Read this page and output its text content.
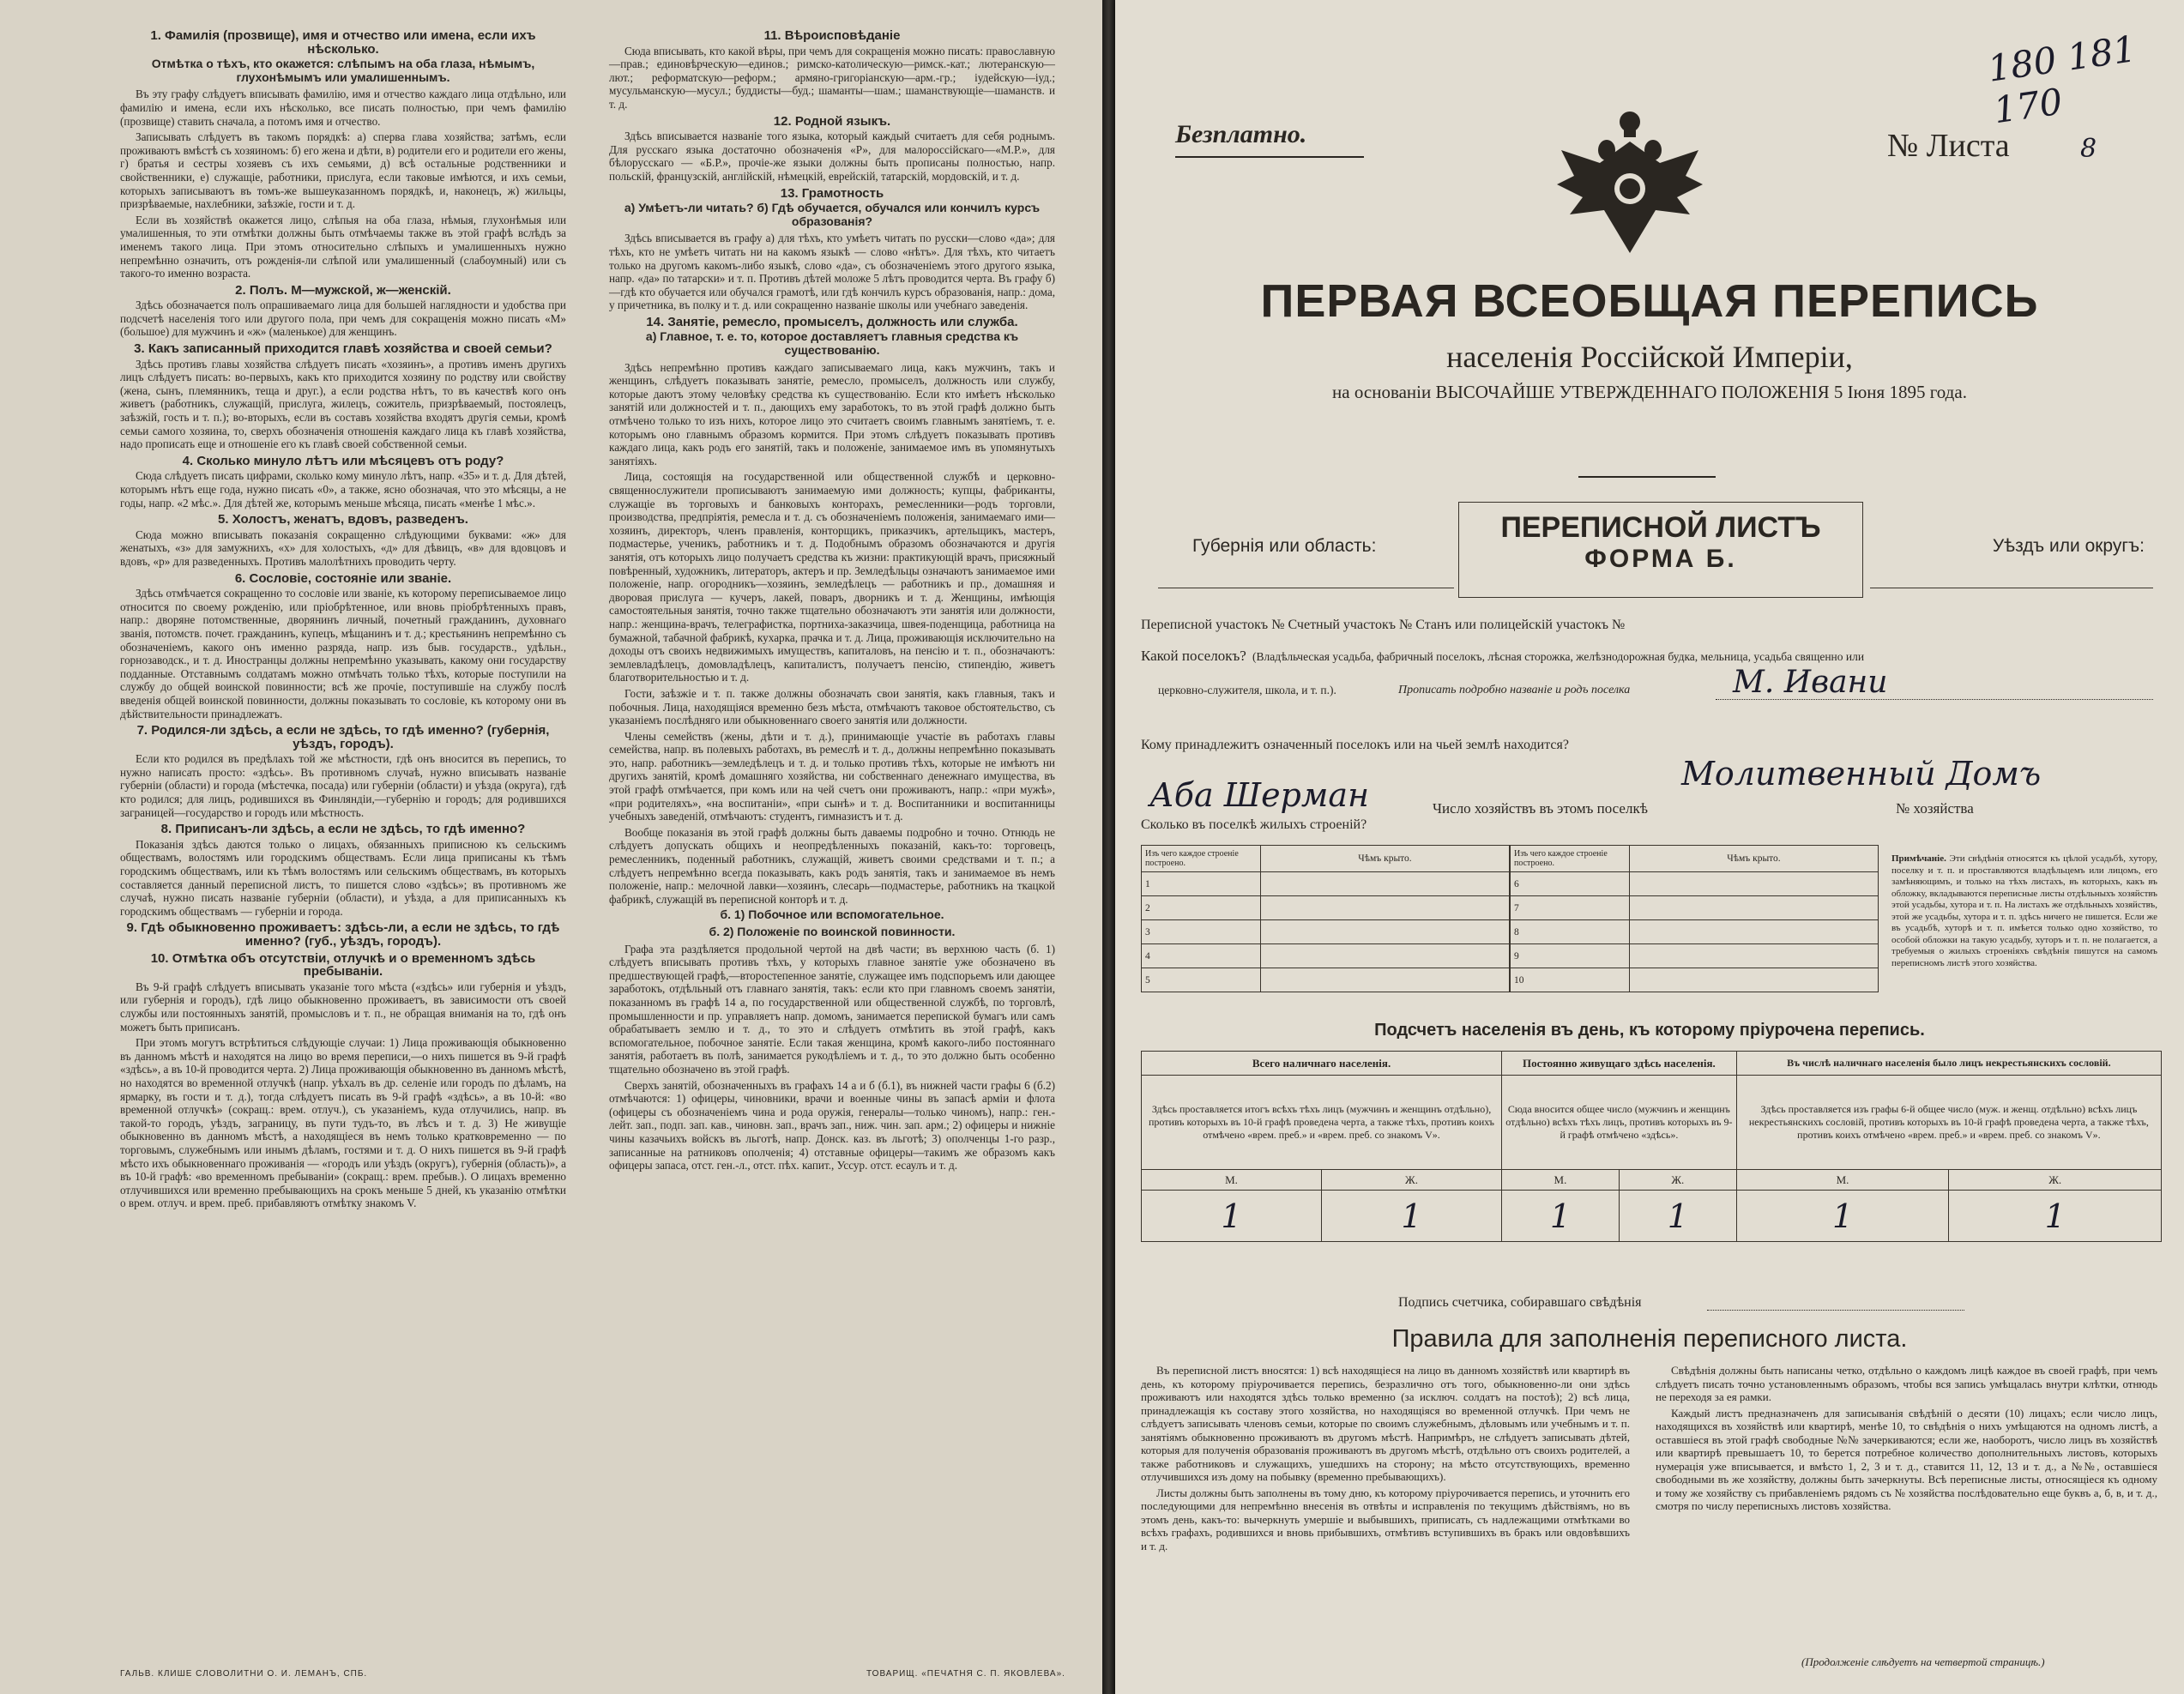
1. Фамилія (прозвище), имя и отчество или имена, если ихъ нѣсколько.
Отмѣтка о тѣхъ, кто окажется: слѣпымъ на оба глаза, нѣмымъ, глухонѣмымъ или умалишеннымъ.

Въ эту графу слѣдуетъ вписывать фамилію, имя и отчество каждаго лица отдѣльно, или фамилію и имена, если ихъ нѣсколько, все писать полностью, при чемъ фамилію (прозвище) ставить сначала, а потомъ имя и отчество.

Записывать слѣдуетъ въ такомъ порядкѣ: а) сперва глава хозяйства; затѣмъ, если проживаютъ вмѣстѣ съ хозяиномъ: б) его жена и дѣти, в) родители его и родители его жены, г) братья и сестры хозяевъ съ ихъ семьями, д) всѣ остальные родственники и свойственники, е) служащіе, работники, прислуга, если таковые имѣются, и ихъ семьи, которыхъ записываютъ въ томъ-же вышеуказанномъ порядкѣ, и, наконецъ, ж) жильцы, призрѣваемые, нахлебники, заѣзжіе, гости и т. д.

Если въ хозяйствѣ окажется лицо, слѣпыя на оба глаза, нѣмыя, глухонѣмыя или умалишенныя, то эти отмѣтки должны быть отмѣчаемы также въ этой графѣ вслѣдъ за именемъ такого лица. При этомъ относительно слѣпыхъ и умалишенныхъ нужно непремѣнно означить, отъ рожденія-ли слѣпой или умалишенный (слабоумный) или съ такого-то именно возраста.

2. Полъ. М—мужской, ж—женскій.

Здѣсь обозначается полъ опрашиваемаго лица для большей наглядности и удобства при подсчетѣ населенія того или другого пола, при чемъ для сокращенія можно писать «М» (большое) для мужчинъ и «ж» (маленькое) для женщинъ.

3. Какъ записанный приходится главѣ хозяйства и своей семьи?

Здѣсь противъ главы хозяйства слѣдуетъ писать «хозяинъ», а противъ именъ другихъ лицъ слѣдуетъ писать: во-первыхъ, какъ кто приходится хозяину по родству или свойству (жена, сынъ, племянникъ, теща и друг.), а если родства нѣтъ, то въ качествѣ кого онъ живетъ (работникъ, служащій, прислуга, жилецъ, сожитель, призрѣваемый, постоялецъ, заѣзжій, гость и т. п.); во-вторыхъ, если въ составъ хозяйства входятъ другія семьи, кромѣ семьи самого хозяина, то, сверхъ обозначенія отношенія каждаго лица къ главѣ хозяйства, надо прописать еще и отношеніе его къ главѣ своей собственной семьи.

4. Сколько минуло лѣтъ или мѣсяцевъ отъ роду?

Сюда слѣдуетъ писать цифрами, сколько кому минуло лѣтъ, напр. «35» и т. д. Для дѣтей, которымъ нѣтъ еще года, нужно писать «0», а также, ясно обозначая, что это мѣсяцы, а не годы, напр. «2 мѣс.». Для дѣтей же, которымъ меньше мѣсяца, писать «менѣе 1 мѣс.».

5. Холостъ, женатъ, вдовъ, разведенъ.

Сюда можно вписывать показанія сокращенно слѣдующими буквами: «ж» для женатыхъ, «з» для замужнихъ, «х» для холостыхъ, «д» для дѣвицъ, «в» для вдовцовъ и вдовъ, «р» для разведенныхъ. Противъ малолѣтнихъ проводить черту.

6. Сословіе, состояніе или званіе.

Здѣсь отмѣчается сокращенно то сословіе или званіе, къ которому переписываемое лицо относится по своему рожденію, или пріобрѣтенное, или вновь пріобрѣтенныхъ правъ, напр.: дворяне потомственные, дворянинъ личный, почетный гражданинъ, духовнаго званія, потомств. почет. гражданинъ, купецъ, мѣщанинъ и т. д.; крестьянинъ непремѣнно съ обозначеніемъ, какого онъ именно разряда, напр. изъ быв. государств., удѣльн., горнозаводск., и т. д. Иностранцы должны непремѣнно указывать, какому они государству подданные. Отставнымъ солдатамъ можно отмѣчать только тѣхъ, которые поступили на службу до общей воинской повинности; всѣ же прочіе, поступившіе на службу послѣ введенія общей воинской повинности, должны показывать то сословіе, къ которому они въ дѣйствительности принадлежатъ.

7. Родился-ли здѣсь, а если не здѣсь, то гдѣ именно? (губернія, уѣздъ, городъ).

Если кто родился въ предѣлахъ той же мѣстности, гдѣ онъ вносится въ перепись, то нужно написать просто: «здѣсь». Въ противномъ случаѣ, нужно вписывать названіе губерніи (области) и города (мѣстечка, посада) или губерніи (области) и уѣзда (округа), гдѣ кто родился; для лицъ, родившихся въ Финляндіи,—губернію и городъ; для родившихся заграницей—государство и городъ или мѣстность.

8. Приписанъ-ли здѣсь, а если не здѣсь, то гдѣ именно?

Показанія здѣсь даются только о лицахъ, обязанныхъ приписною къ сельскимъ обществамъ, волостямъ или городскимъ обществамъ. Если лица приписаны къ тѣмъ городскимъ обществамъ, или къ тѣмъ волостямъ или сельскимъ обществамъ, въ которыхъ составляется данный переписной листъ, то пишется слово «здѣсь»; въ противномъ же случаѣ, нужно писать названіе губерніи (области), и уѣзда, а для приписанныхъ къ городскимъ обществамъ — губерніи и города.

9. Гдѣ обыкновенно проживаетъ: здѣсь-ли, а если не здѣсь, то гдѣ именно? (губ., уѣздъ, городъ).
10. Отмѣтка объ отсутствіи, отлучкѣ и о временномъ здѣсь пребываніи.

Въ 9-й графѣ слѣдуетъ вписывать указаніе того мѣста («здѣсь» или губернія и уѣздъ, или губернія и городъ), гдѣ лицо обыкновенно проживаетъ, въ зависимости отъ своей службы или постоянныхъ занятій, промысловъ и т. п., не обращая вниманія на то, гдѣ онъ можетъ быть приписанъ.

При этомъ могутъ встрѣтиться слѣдующіе случаи: 1) Лица проживающія обыкновенно въ данномъ мѣстѣ и находятся на лицо во время переписи,—о нихъ пишется въ 9-й графѣ «здѣсь», а въ 10-й проводится черта. 2) Лица проживающія обыкновенно въ данномъ мѣстѣ, но находятся во временной отлучкѣ (напр. уѣхалъ въ др. селеніе или городъ по дѣламъ, на ярмарку, въ гости и т. д.), тогда слѣдуетъ писать въ 9-й графѣ «здѣсь», а въ 10-й: «во временной отлучкѣ» (сокращ.: врем. отлуч.), съ указаніемъ, куда отлучились, напр. въ такой-то городъ, уѣздъ, заграницу, въ пути тудъ-то, въ лѣсъ и т. д. 3) Не живущіе обыкновенно въ данномъ мѣстѣ, а находящіеся въ немъ только кратковременно — по торговымъ, служебнымъ или инымъ дѣламъ, гостями и т. д. О нихъ пишется въ 9-й графѣ мѣсто ихъ обыкновеннаго проживанія — «городъ или уѣздъ (округъ), губернія (область)», а въ 10-й графѣ: «во временномъ пребываніи» (сокращ.: врем. пребыв.). О лицахъ временно отлучившихся или временно пребывающихъ на срокъ меньше 5 дней, къ указанію отмѣтки о врем. отлуч. и врем. преб. прибавляютъ отмѣтку знакомъ V.

11. Вѣроисповѣданіе

Сюда вписывать, кто какой вѣры, при чемъ для сокращенія можно писать: православную—прав.; единовѣрческую—единов.; римско-католическую—римск.-кат.; лютеранскую—лют.; реформатскую—реформ.; армяно-григоріанскую—арм.-гр.; іудейскую—іуд.; мусульманскую—мусул.; буддисты—буд.; шаманты—шам.; шаманствующіе—шаманств. и т. д.

12. Родной языкъ.

Здѣсь вписывается названіе того языка, который каждый считаетъ для себя роднымъ. Для русскаго языка достаточно обозначенія «Р», для малороссійскаго—«М.Р.», для бѣлорусскаго — «Б.Р.», прочіе-же языки должны быть прописаны полностью, напр. польскій, французскій, англійскій, нѣмецкій, еврейскій, татарскій, мордовскій, и т. д.

13. Грамотность
а) Умѣетъ-ли читать? б) Гдѣ обучается, обучался или кончилъ курсъ образованія?

Здѣсь вписывается въ графу а) для тѣхъ, кто умѣетъ читать по русски—слово «да»; для тѣхъ, кто не умѣетъ читать ни на какомъ языкѣ — слово «нѣтъ». Для тѣхъ, кто читаетъ только на другомъ какомъ-либо языкѣ, слово «да», съ обозначеніемъ этого другого языка, напр. «да» по татарски» и т. п. Противъ дѣтей моложе 5 лѣтъ проводится черта. Въ графу б)—гдѣ кто обучается или обучался грамотѣ, или гдѣ кончилъ курсъ образованія, напр.: дома, у причетника, въ полку и т. д. или сокращенно названіе школы или учебнаго заведенія.

14. Занятіе, ремесло, промыселъ, должность или служба.
а) Главное, т. е. то, которое доставляетъ главныя средства къ существованію.

Здѣсь непремѣнно противъ каждаго записываемаго лица, какъ мужчинъ, такъ и женщинъ, слѣдуетъ показывать занятіе, ремесло, промыселъ, должность или службу, которые даютъ этому человѣку средства къ существованію. Если кто имѣетъ нѣсколько занятій или должностей и т. п., дающихъ ему заработокъ, то въ этой графѣ должно быть отмѣчено только то изъ нихъ, которое лицо это считаетъ своимъ главнымъ занятіемъ, т. е. которымъ оно главнымъ образомъ кормится. При этомъ слѣдуетъ показывать противъ каждаго лица, какъ родъ его занятій, такъ и положеніе, занимаемое имъ въ упомянутыхъ занятіяхъ.

Лица, состоящія на государственной или общественной службѣ и церковно-священнослужители прописываютъ занимаемую ими должность; купцы, фабриканты, служащіе въ торговыхъ и банковыхъ конторахъ, ремесленники—родъ торговли, производства, предпріятія, ремесла и т. д. съ обозначеніемъ положенія, занимаемаго ими—хозяинъ, директоръ, членъ правленія, конторщикъ, приказчикъ, артельщикъ, мастеръ, подмастерье, ученикъ, работникъ и т. д. Подобнымъ образомъ обозначаются и другія занятія, отъ которыхъ лицо получаетъ средства къ жизни: практикующій врачъ, присяжный повѣренный, художникъ, литераторъ, актеръ и пр. Земледѣльцы означаютъ занимаемое ими положеніе, напр. огородникъ—хозяинъ, земледѣлецъ — работникъ и пр., домашняя и дворовая прислуга — кучеръ, лакей, поваръ, дворникъ и т. д. Женщины, имѣющія самостоятельныя занятія, точно также тщательно обозначаютъ эти занятія или должности, напр.: женщина-врачъ, телеграфистка, портниха-заказчица, швея-поденщица, работница на бумажной, табачной фабрикѣ, кухарка, прачка и т. д. Лица, проживающія исключительно на доходы отъ своихъ недвижимыхъ имуществъ, капиталовъ, на пенсію и т. п., обозначаютъ: землевладѣлецъ, домовладѣлецъ, капиталистъ, получаетъ пенсію, стипендію, живетъ благотворительностью и т. д.

Гости, заѣзжіе и т. п. также должны обозначать свои занятія, какъ главныя, такъ и побочныя. Лица, находящіяся временно безъ мѣста, отмѣчаютъ таковое обстоятельство, съ указаніемъ послѣдняго или обыкновеннаго своего занятія или должности.

Члены семействъ (жены, дѣти и т. д.), принимающіе участіе въ работахъ главы семейства, напр. въ полевыхъ работахъ, въ ремеслѣ и т. д., должны непремѣнно показывать это, напр. работникъ—земледѣлецъ и т. д. и только противъ тѣхъ, которые не имѣютъ ни другихъ занятій, кромѣ домашняго хозяйства, ни собственнаго денежнаго имущества, въ этой графѣ отмѣчается, при комъ или на чей счетъ они проживаютъ, напр.: «при мужѣ», «при родителяхъ», «на воспитаніи», «при сынѣ» и т. д. Воспитанники и воспитанницы учебныхъ заведеній, отмѣчаютъ: студентъ, гимназистъ и т. д.

Вообще показанія въ этой графѣ должны быть даваемы подробно и точно. Отнюдь не слѣдуетъ допускать общихъ и неопредѣленныхъ показаній, какъ-то: торговецъ, ремесленникъ, поденный работникъ, служащій, живетъ своими средствами и т. п.; а слѣдуетъ непремѣнно всегда показывать, какъ родъ занятія, такъ и занимаемое въ немъ положеніе, напр.: мелочной лавки—хозяинъ, слесарь—подмастерье, работникъ на ткацкой фабрикѣ, служащій въ переписной конторѣ и т. д.

б. 1) Побочное или вспомогательное.
б. 2) Положеніе по воинской повинности.

Графа эта раздѣляется продольной чертой на двѣ части; въ верхнюю часть (б. 1) слѣдуетъ вписывать противъ тѣхъ, у которыхъ главное занятіе уже обозначено въ предшествующей графѣ,—второстепенное занятіе, служащее имъ подспорьемъ или дающее заработокъ, отдѣльный отъ главнаго занятія, такъ: если кто при главномъ своемъ занятіи, показанномъ въ графѣ 14 а, по государственной или общественной службѣ, по торговлѣ, промышленности и пр. управляетъ напр. домомъ, занимается перепиской бумагъ или самъ обрабатываетъ землю и т. д., то это и слѣдуетъ отмѣтить въ этой графѣ, какъ вспомогательное, побочное занятіе. Если такая женщина, кромѣ какого-либо постояннаго занятія, работаетъ въ полѣ, занимается рукодѣліемъ и т. д., то это должно быть особенно тщательно обозначено въ этой графѣ.

Сверхъ занятій, обозначенныхъ въ графахъ 14 а и б (б.1), въ нижней части графы 6 (б.2) отмѣчаются: 1) офицеры, чиновники, врачи и военные чины въ запасѣ арміи и флота (офицеры съ обозначеніемъ чина и рода оружія, генералы—только чиномъ), напр.: ген.-лейт. зап., подп. зап. кав., чиновн. зап., врачъ зап., ниж. чин. зап. арм.; 2) офицеры и нижніе чины казачьихъ войскъ въ льготѣ, напр. Донск. каз. въ льготѣ; 3) ополченцы 1-го разр., записанные на ратниковъ ополченія; 4) отставные офицеры—такимъ же образомъ какъ офицеры запаса, отст. ген.-л., отст. пѣх. капит., Уссур. отст. есаулъ и т. д.

ГАЛЬВ. КЛИШЕ СЛОВОЛИТНИ О. И. ЛЕМАНЪ, СПБ.	ТОВАРИЩ. «ПЕЧАТНЯ С. П. ЯКОВЛЕВА».
180 181 170
Безплатно.	№ Листа	8
ПЕРВАЯ ВСЕОБЩАЯ ПЕРЕПИСЬ
населенія Россійской Имперіи,
на основаніи ВЫСОЧАЙШЕ УТВЕРЖДЕННАГО ПОЛОЖЕНІЯ 5 Іюня 1895 года.
Губернія или область:
ПЕРЕПИСНОЙ ЛИСТЪ
ФОРМА Б.	Уѣздъ или округъ:
Переписной участокъ № Счетный участокъ № Станъ или полицейскій участокъ №
Какой поселокъ? (Владѣльческая усадьба, фабричный поселокъ, лѣсная сторожка, желѣзнодорожная будка, мельница, усадьба священно или
церковно-служителя, школа, и т. п.).	Прописать подробно названіе и родъ поселка	М. Ивани
Кому принадлежитъ означенный поселокъ или на чьей землѣ находится?
Молитвенный Домъ
Аба Шерман	Число хозяйствъ въ этомъ поселкѣ	№ хозяйства
Сколько въ поселкѣ жилыхъ строеній?
Изъ чего каждое строеніе построено.	Чѣмъ крыто.
1	
2	
3	
4	
5	
Изъ чего каждое строеніе построено.	Чѣмъ крыто.
6	
7	
8	
9	
10	
Примѣчаніе. Эти свѣдѣнія относятся къ цѣлой усадьбѣ, хутору, поселку и т. п. и проставляются владѣльцемъ или лицомъ, его замѣняющимъ, и только на тѣхъ листахъ, въ которыхъ, какъ въ обложку, вкладываются переписные листы отдѣльныхъ хозяйствъ этой усадьбы, хутора и т. п. На листахъ же отдѣльныхъ хозяйствъ, этой же усадьбы, хутора и т. п. здѣсь ничего не пишется. Если же въ усадьбѣ, хуторѣ и т. п. имѣется только одно хозяйство, то особой обложки на такую усадьбу, хуторъ и т. п. не полагается, а требуемыя о жилыхъ строеніяхъ свѣдѣнія пишутся на самомъ переписномъ листѣ этого хозяйства.
Подсчетъ населенія въ день, къ которому пріурочена перепись.
Всего наличнаго населенія.		Постоянно живущаго здѣсь населенія.		Въ числѣ наличнаго населенія было лицъ некрестьянскихъ сословій.	
Здѣсь проставляется итогъ всѣхъ тѣхъ лицъ (мужчинъ и женщинъ отдѣльно), противъ которыхъ въ 10-й графѣ проведена черта, а также тѣхъ, противъ коихъ отмѣчено «врем. преб.» и «врем. преб. со знакомъ V».		Сюда вносится общее число (мужчинъ и женщинъ отдѣльно) всѣхъ тѣхъ лицъ, противъ которыхъ въ 9-й графѣ отмѣчено «здѣсь».		Здѣсь проставляется изъ графы 6-й общее число (муж. и женщ. отдѣльно) всѣхъ лицъ некрестьянскихъ сословій, противъ которыхъ въ 10-й графѣ проведена черта, а также тѣхъ, противъ коихъ отмѣчено «врем. преб.» и «врем. преб. со знакомъ V».	
М.	Ж.	М.	Ж.	М.	Ж.
1	1	1	1	1	1
Подпись счетчика, собиравшаго свѣдѣнія
Правила для заполненія переписного листа.

Въ переписной листъ вносятся: 1) всѣ находящіеся на лицо въ данномъ хозяйствѣ или квартирѣ въ день, къ которому пріурочивается перепись, безразлично отъ того, обыкновенно-ли они здѣсь проживаютъ или находятся здѣсь только временно (за исключ. солдатъ на постоѣ); 2) всѣ лица, принадлежащія къ составу этого хозяйства, но находящіяся во временной отлучкѣ. При чемъ не слѣдуетъ записывать членовъ семьи, которые по своимъ служебнымъ, дѣловымъ или учебнымъ и т. п. занятіямъ обыкновенно проживаютъ въ другомъ мѣстѣ. Напримѣръ, не слѣдуетъ записывать дѣтей, которыя для полученія образованія проживаютъ въ другомъ мѣстѣ, отдѣльно отъ своихъ родителей, а также работниковъ и служащихъ, ушедшихъ на сторону; на мѣсто отсутствующихъ, временно отлучившихся изъ дому на побывку (временно пребывающихъ).

Листы должны быть заполнены въ тому дню, къ которому пріурочивается перепись, и уточнить его последующими для непремѣнно внесенія въ отвѣты и исправленія по текущимъ дѣйствіямъ, но въ этомъ день, какъ-то: вычеркнуть умершіе и выбывшихъ, приписать, съ надлежащими отмѣтками во всѣхъ графахъ, родившихся и вновь прибывшихъ, отмѣтивъ вступившихъ въ бракъ или овдовѣвшихъ и т. д.

Свѣдѣнія должны быть написаны четко, отдѣльно о каждомъ лицѣ каждое въ своей графѣ, при чемъ слѣдуетъ писать точно установленнымъ образомъ, чтобы вся запись умѣщалась внутри клѣтки, отнюдь не переходя за ея рамки.

Каждый листъ предназначенъ для записыванія свѣдѣній о десяти (10) лицахъ; если число лицъ, находящихся въ хозяйствѣ или квартирѣ, менѣе 10, то свѣдѣнія о нихъ умѣщаются на одномъ листѣ, а оставшіеся въ этой графѣ свободные №№ зачеркиваются; если же, наоборотъ, число лицъ въ хозяйствѣ или квартирѣ превышаетъ 10, то берется потребное количество дополнительныхъ листовъ, которыхъ нумерація уже вписывается, и вмѣсто 1, 2, 3 и т. д., ставится 11, 12, 13 и т. д., а №№, оставшіеся свободными въ же хозяйству, должны быть зачеркнуты. Всѣ переписные листы, относящіеся къ одному и тому же хозяйству съ прибавленіемъ рядомъ съ № хозяйства послѣдовательно еще буквъ а, б, в, и т. д., смотря по числу переписныхъ листовъ хозяйства.

(Продолженіе слѣдуетъ на четвертой страницѣ.)
